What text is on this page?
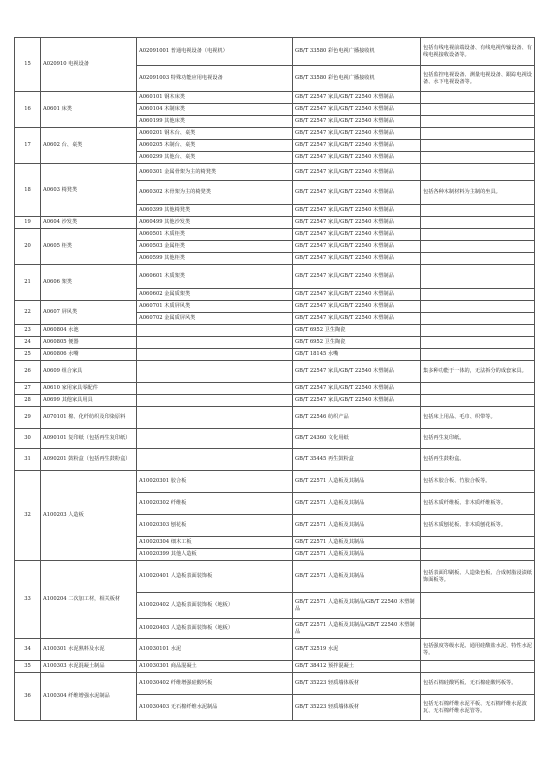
15	A020910 电视设备	A02091001 普通电视设备（电视机）	GB/T 33580 彩色电视广播接收机	包括有线电视前端设备、有线电视传输设备、有线电视接收设备等。
		A02091003 特殊功能应用电视设备	GB/T 33580 彩色电视广播接收机	包括监控电视设备、测量电视设备、跟踪电视设备、水下电视设备等。
16	A0601 床类	A060101 钢木床类	GB/T 22547 家具/GB/T 22540 木塑制品	
		A060104 木制床类	GB/T 22547 家具/GB/T 22540 木塑制品	
		A060199 其他床类	GB/T 22547 家具/GB/T 22540 木塑制品	
17	A0602 台、桌类	A060201 钢木台、桌类	GB/T 22547 家具/GB/T 22540 木塑制品	
		A060205 木制台、桌类	GB/T 22547 家具/GB/T 22540 木塑制品	
		A060299 其他台、桌类	GB/T 22547 家具/GB/T 22540 木塑制品	
18	A0603 椅凳类	A060301 金属骨架为主的椅凳类	GB/T 22547 家具/GB/T 22540 木塑制品	
		A060302 木骨架为主的椅凳类	GB/T 22547 家具/GB/T 22540 木塑制品	包括各种木制材料为主制的坐具。
		A060399 其他椅凳类	GB/T 22547 家具/GB/T 22540 木塑制品	
19	A0604 沙发类	A060499 其他沙发类	GB/T 22547 家具/GB/T 22540 木塑制品	
20	A0605 柜类	A060501 木质柜类	GB/T 22547 家具/GB/T 22540 木塑制品	
		A060503 金属柜类	GB/T 22547 家具/GB/T 22540 木塑制品	
		A060599 其他柜类	GB/T 22547 家具/GB/T 22540 木塑制品	
21	A0606 架类	A060601 木质架类	GB/T 22547 家具/GB/T 22540 木塑制品	
		A060602 金属质架类	GB/T 22547 家具/GB/T 22540 木塑制品	
22	A0607 屏风类	A060701 木质屏风类	GB/T 22547 家具/GB/T 22540 木塑制品	
		A060702 金属质屏风类	GB/T 22547 家具/GB/T 22540 木塑制品	
23	A060804 水池		GB/T 6952 卫生陶瓷	
24	A060805 便器		GB/T 6952 卫生陶瓷	
25	A060806 水嘴		GB/T 18145 水嘴	
26	A0609 组合家具		GB/T 22547 家具/GB/T 22540 木塑制品	集多种功能于一体的，无法拆分的成套家具。
27	A0610 家用家具零配件		GB/T 22547 家具/GB/T 22540 木塑制品	
28	A0699 其他家具用具		GB/T 22547 家具/GB/T 22540 木塑制品	
29	A070101 棉、化纤纺织及印染原料		GB/T 22546 纺织产品	包括床上用品、毛巾、织带等。
30	A090101 复印纸（包括再生复印纸）		GB/T 24360 文化用纸	包括再生复印纸。
31	A090201 鼓粉盒（包括再生鼓粉盒）		GB/T 35445 再生鼓粉盒	包括再生鼓粉盒。
32	A100203 人造板	A10020301 胶合板	GB/T 22571 人造板及其制品	包括木胶合板、竹胶合板等。
		A10020302 纤维板	GB/T 22571 人造板及其制品	包括木质纤维板、非木质纤维板等。
		A10020303 刨花板	GB/T 22571 人造板及其制品	包括木质刨花板、非木质刨花板等。
		A10020304 细木工板	GB/T 22571 人造板及其制品	
		A10020399 其他人造板	GB/T 22571 人造板及其制品	
33	A100204 二次加工材，相关板材	A10020401 人造板表面装饰板	GB/T 22571 人造板及其制品	包括表面印刷板、人造染色板、合成树脂浸渍纸饰面板等。
		A10020402 人造板表面装饰板（地板）	GB/T 22571 人造板及其制品/GB/T 22540 木塑制品	
		A10020403 人造板表面装饰板（地板）	GB/T 22571 人造板及其制品/GB/T 22540 木塑制品	
34	A100301 水泥熟料及水泥	A10030101 水泥	GB/T 32519 水泥	包括强度等级水泥、通用硅酸盐水泥、特性水泥等。
35	A100303 水泥混凝土制品	A10030301 商品混凝土	GB/T 38412 预拌混凝土	
36	A100304 纤维增强水泥制品	A10030402 纤维增强硅酸钙板	GB/T 35223 轻质墙体板材	包括石棉硅酸钙板、无石棉硅酸钙板等。
		A10030403 无石棉纤维水泥制品	GB/T 35223 轻质墙体板材	包括无石棉纤维水泥平板、无石棉纤维水泥波瓦、无石棉纤维水泥管等。
